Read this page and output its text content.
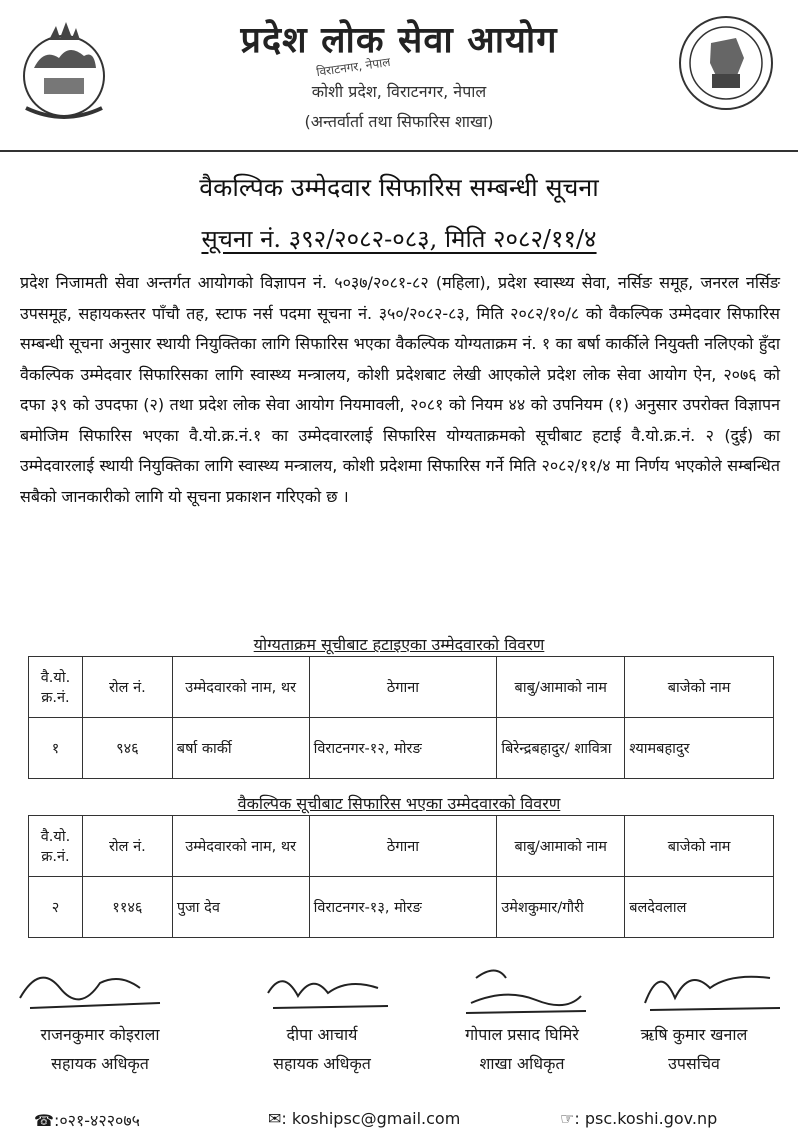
प्रदेश लोक सेवा आयोग
कोशी प्रदेश, विराटनगर, नेपाल
(अन्तर्वार्ता तथा सिफारिस शाखा)
विराटनगर, नेपाल
वैकल्पिक उम्मेदवार सिफारिस सम्बन्धी सूचना
सूचना नं. ३९२/२०८२-०८३, मिति २०८२/११/४
प्रदेश निजामती सेवा अन्तर्गत आयोगको विज्ञापन नं. ५०३७/२०८१-८२ (महिला), प्रदेश स्वास्थ्य सेवा, नर्सिङ समूह, जनरल नर्सिङ उपसमूह, सहायकस्तर पाँचौ तह, स्टाफ नर्स पदमा सूचना नं. ३५०/२०८२-८३, मिति २०८२/१०/८ को वैकल्पिक उम्मेदवार सिफारिस सम्बन्धी सूचना अनुसार स्थायी नियुक्तिका लागि सिफारिस भएका वैकल्पिक योग्यताक्रम नं. १ का बर्षा कार्कीले नियुक्ती नलिएको हुँदा वैकल्पिक उम्मेदवार सिफारिसका लागि स्वास्थ्य मन्त्रालय, कोशी प्रदेशबाट लेखी आएकोले प्रदेश लोक सेवा आयोग ऐन, २०७६ को दफा ३९ को उपदफा (२) तथा प्रदेश लोक सेवा आयोग नियमावली, २०८१ को नियम ४४ को उपनियम (१) अनुसार उपरोक्त विज्ञापन बमोजिम सिफारिस भएका वै.यो.क्र.नं.१ का उम्मेदवारलाई सिफारिस योग्यताक्रमको सूचीबाट हटाई वै.यो.क्र.नं. २ (दुई) का उम्मेदवारलाई स्थायी नियुक्तिका लागि स्वास्थ्य मन्त्रालय, कोशी प्रदेशमा सिफारिस गर्ने मिति २०८२/११/४ मा निर्णय भएकोले सम्बन्धित सबैको जानकारीको लागि यो सूचना प्रकाशन गरिएको छ ।
योग्यताक्रम सूचीबाट हटाइएका उम्मेदवारको विवरण
वै.यो. क्र.नं.	रोल नं.	उम्मेदवारको नाम, थर	ठेगाना	बाबु/आमाको नाम	बाजेको नाम
१	९४६	बर्षा कार्की	विराटनगर-१२, मोरङ	बिरेन्द्रबहादुर/ शावित्रा	श्यामबहादुर
वैकल्पिक सूचीबाट सिफारिस भएका उम्मेदवारको विवरण
वै.यो. क्र.नं.	रोल नं.	उम्मेदवारको नाम, थर	ठेगाना	बाबु/आमाको नाम	बाजेको नाम
२	११४६	पुजा देव	विराटनगर-१३, मोरङ	उमेशकुमार/गौरी	बलदेवलाल
राजनकुमार कोइराला
सहायक अधिकृत
दीपा आचार्य
सहायक अधिकृत
गोपाल प्रसाद घिमिरे
शाखा अधिकृत
ऋषि कुमार खनाल
उपसचिव
☎:०२१-४२२०७५	✉: koshipsc@gmail.com	☞: psc.koshi.gov.np
